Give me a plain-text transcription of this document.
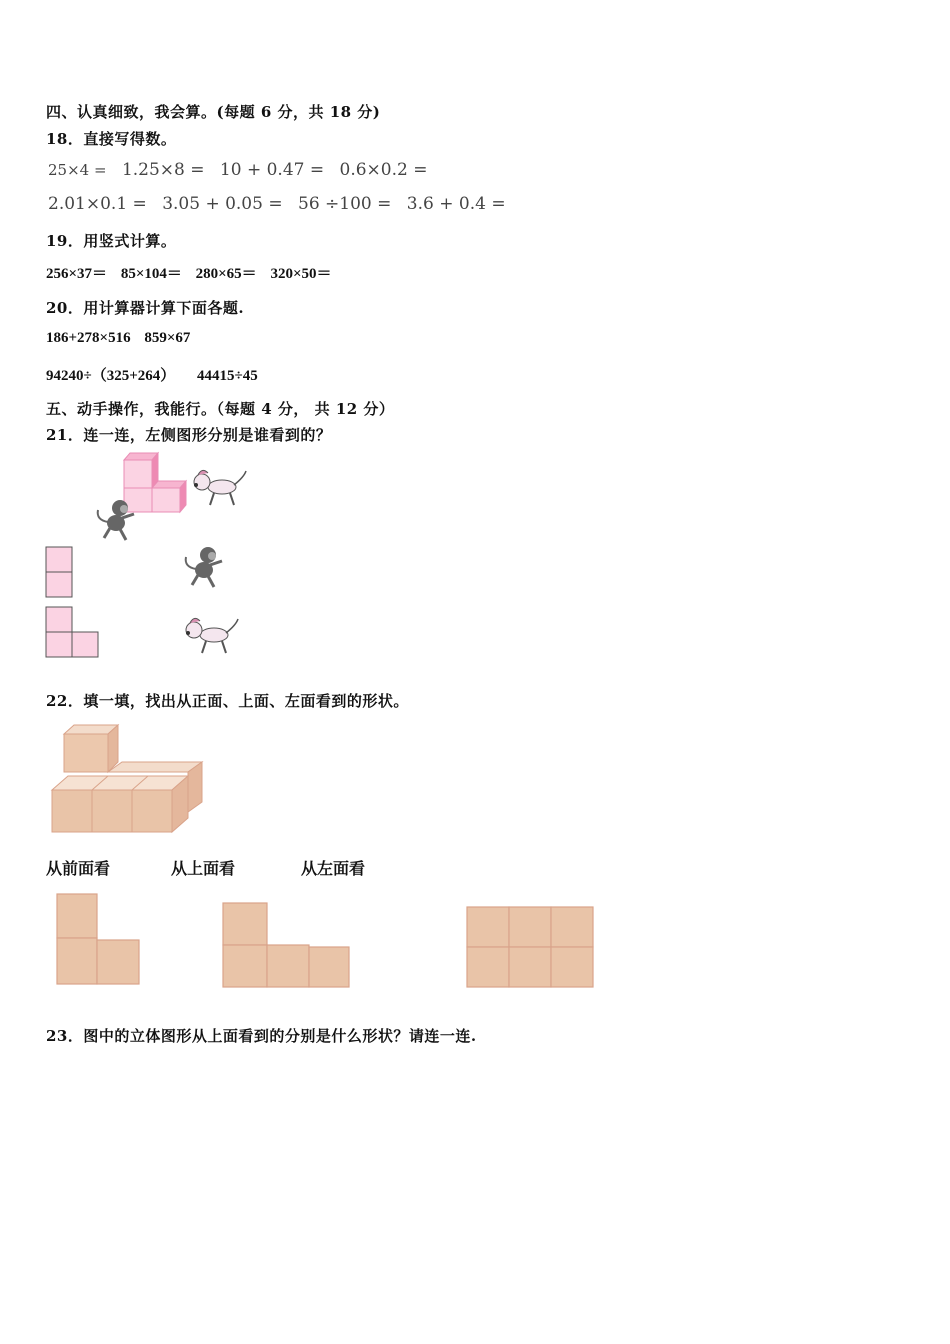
四、认真细致，我会算。(每题 6 分，共 18 分)
18．直接写得数。
25×4 = 1.25×8 = 10 + 0.47 = 0.6×0.2 =
2.01×0.1 = 3.05 + 0.05 = 56 ÷100 = 3.6 + 0.4 =
19．用竖式计算。
256×37＝ 85×104＝ 280×65＝ 320×50＝
20．用计算器计算下面各题.
186+278×516 859×67
94240÷（325+264） 44415÷45
五、动手操作，我能行。（每题 4 分， 共 12 分）
21．连一连，左侧图形分别是谁看到的？
22．填一填，找出从正面、上面、左面看到的形状。
从前面看	从上面看	从左面看
23．图中的立体图形从上面看到的分别是什么形状？请连一连.
